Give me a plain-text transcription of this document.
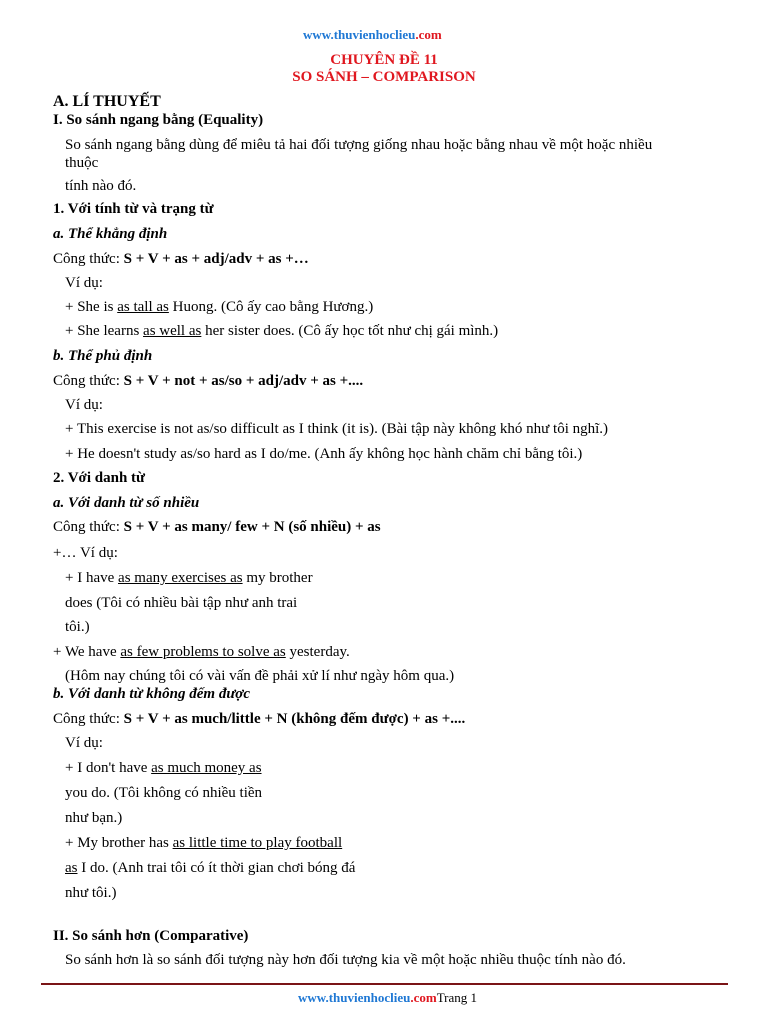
www.thuvienhoclieu.com
CHUYÊN ĐỀ 11
SO SÁNH – COMPARISON
A. LÍ THUYẾT
I. So sánh ngang bằng (Equality)
So sánh ngang bằng dùng để miêu tả hai đối tượng giống nhau hoặc bằng nhau về một hoặc nhiều
thuộc
tính nào đó.
1. Với tính từ và trạng từ
a. Thể khẳng định
Công thức: S + V + as + adj/adv + as +…
Ví dụ:
+ She is as tall as Huong. (Cô ấy cao bằng Hương.)
+ She learns as well as her sister does. (Cô ấy học tốt như chị gái mình.)
b. Thể phủ định
Công thức: S + V + not + as/so + adj/adv + as +....
Ví dụ:
+ This exercise is not as/so difficult as I think (it is). (Bài tập này không khó như tôi nghĩ.)
+ He doesn't study as/so hard as I do/me. (Anh ấy không học hành chăm chỉ bằng tôi.)
2. Với danh từ
a. Với danh từ số nhiều
Công thức: S + V + as many/ few + N (số nhiều) + as
+… Ví dụ:
+ I have as many exercises as my brother
does (Tôi có nhiều bài tập như anh trai
tôi.)
+ We have as few problems to solve as yesterday.
(Hôm nay chúng tôi có vài vấn đề phải xử lí như ngày hôm qua.)
b. Với danh từ không đếm được
Công thức: S + V + as much/little + N (không đếm được) + as +....
Ví dụ:
+ I don't have as much money as
you do. (Tôi không có nhiều tiền
như bạn.)
+ My brother has as little time to play football
as I do. (Anh trai tôi có ít thời gian chơi bóng đá
như tôi.)
II. So sánh hơn (Comparative)
So sánh hơn là so sánh đối tượng này hơn đối tượng kia về một hoặc nhiều thuộc tính nào đó.
www.thuvienhoclieu.comTrang 1
